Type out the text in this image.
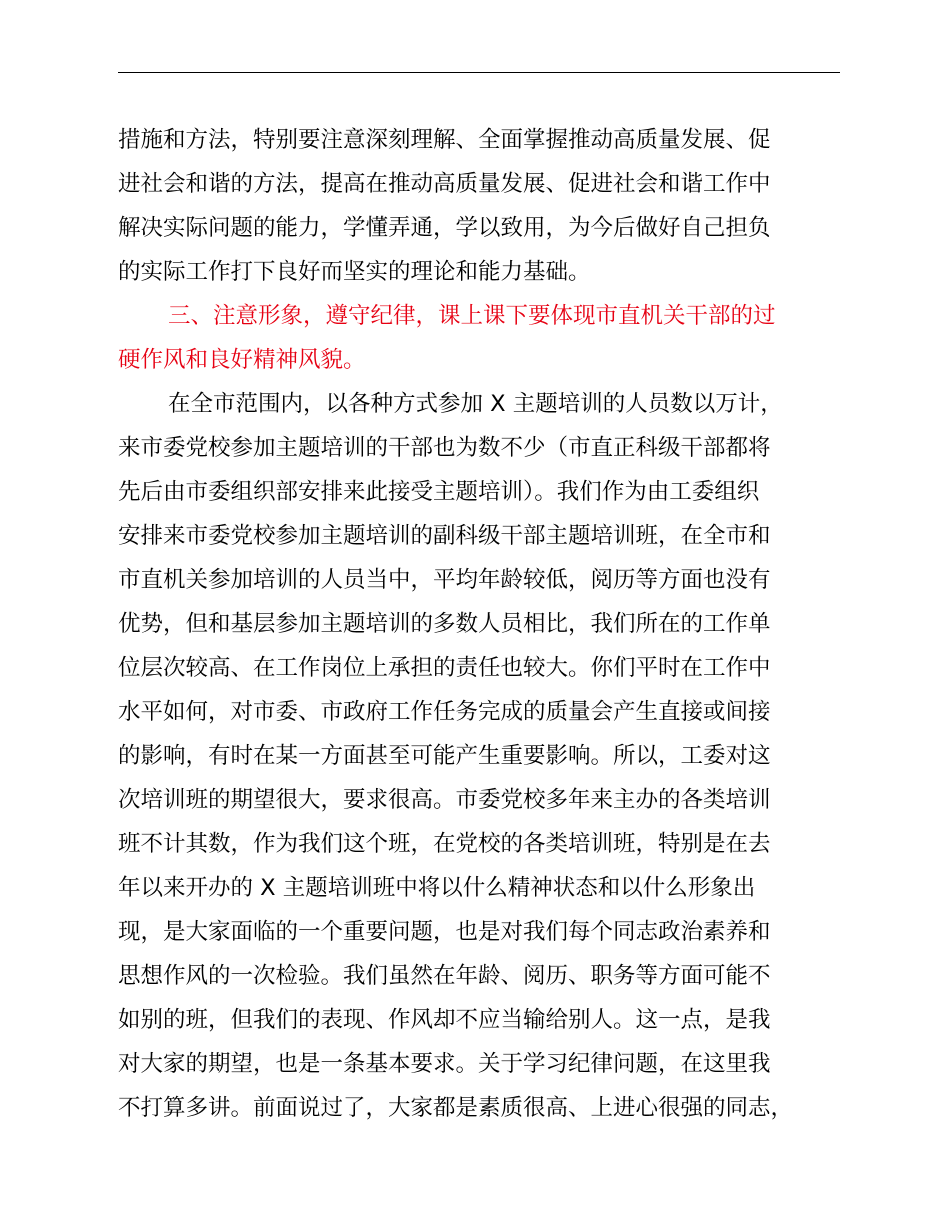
措施和方法，特别要注意深刻理解、全面掌握推动高质量发展、促
进社会和谐的方法，提高在推动高质量发展、促进社会和谐工作中
解决实际问题的能力，学懂弄通，学以致用，为今后做好自己担负
的实际工作打下良好而坚实的理论和能力基础。
三、注意形象，遵守纪律，课上课下要体现市直机关干部的过
硬作风和良好精神风貌。
在全市范围内，以各种方式参加 X 主题培训的人员数以万计，
来市委党校参加主题培训的干部也为数不少（市直正科级干部都将
先后由市委组织部安排来此接受主题培训）。我们作为由工委组织
安排来市委党校参加主题培训的副科级干部主题培训班，在全市和
市直机关参加培训的人员当中，平均年龄较低，阅历等方面也没有
优势，但和基层参加主题培训的多数人员相比，我们所在的工作单
位层次较高、在工作岗位上承担的责任也较大。你们平时在工作中
水平如何，对市委、市政府工作任务完成的质量会产生直接或间接
的影响，有时在某一方面甚至可能产生重要影响。所以，工委对这
次培训班的期望很大，要求很高。市委党校多年来主办的各类培训
班不计其数，作为我们这个班，在党校的各类培训班，特别是在去
年以来开办的 X 主题培训班中将以什么精神状态和以什么形象出
现，是大家面临的一个重要问题，也是对我们每个同志政治素养和
思想作风的一次检验。我们虽然在年龄、阅历、职务等方面可能不
如别的班，但我们的表现、作风却不应当输给别人。这一点，是我
对大家的期望，也是一条基本要求。关于学习纪律问题，在这里我
不打算多讲。前面说过了，大家都是素质很高、上进心很强的同志，
